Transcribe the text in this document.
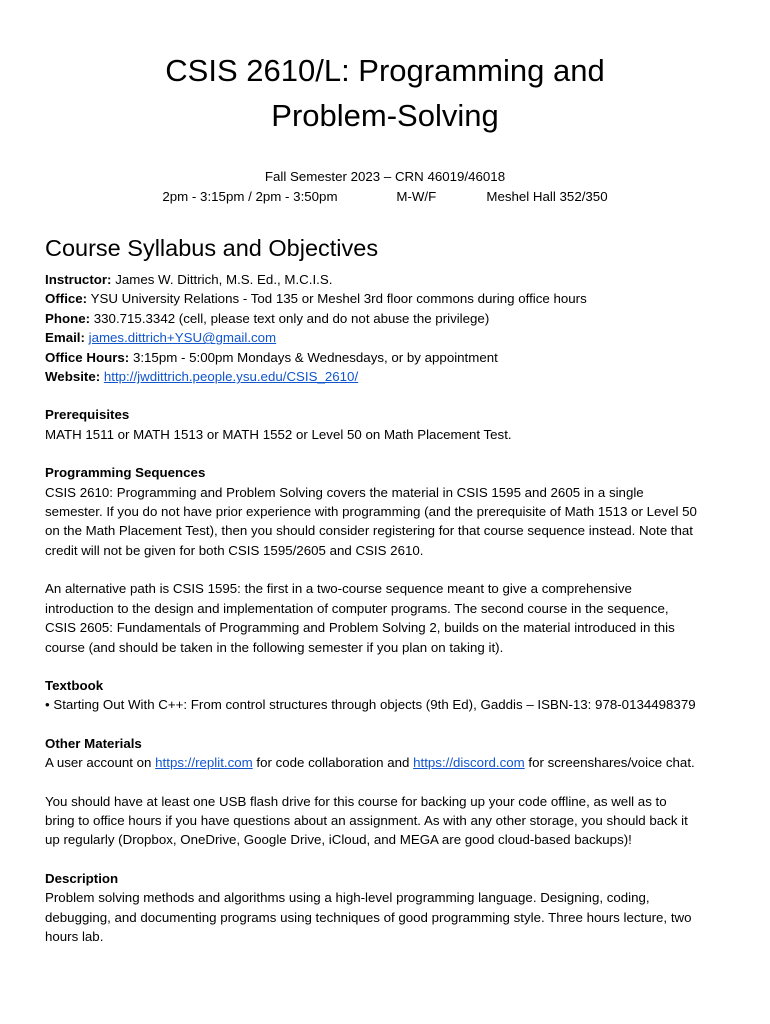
CSIS 2610/L: Programming and
Problem-Solving
Fall Semester 2023 – CRN 46019/46018
2pm - 3:15pm / 2pm - 3:50pm	M-W/F	Meshel Hall 352/350
Course Syllabus and Objectives

Instructor: James W. Dittrich, M.S. Ed., M.C.I.S.

Office: YSU University Relations - Tod 135 or Meshel 3rd floor commons during office hours

Phone: 330.715.3342 (cell, please text only and do not abuse the privilege)

Email: james.dittrich+YSU@gmail.com

Office Hours: 3:15pm - 5:00pm Mondays & Wednesdays, or by appointment

Website: http://jwdittrich.people.ysu.edu/CSIS_2610/

Prerequisites

MATH 1511 or MATH 1513 or MATH 1552 or Level 50 on Math Placement Test.

Programming Sequences

CSIS 2610: Programming and Problem Solving covers the material in CSIS 1595 and 2605 in a single
semester. If you do not have prior experience with programming (and the prerequisite of Math 1513 or Level 50
on the Math Placement Test), then you should consider registering for that course sequence instead. Note that
credit will not be given for both CSIS 1595/2605 and CSIS 2610.

An alternative path is CSIS 1595: the first in a two-course sequence meant to give a comprehensive
introduction to the design and implementation of computer programs. The second course in the sequence,
CSIS 2605: Fundamentals of Programming and Problem Solving 2, builds on the material introduced in this
course (and should be taken in the following semester if you plan on taking it).

Textbook

• Starting Out With C++: From control structures through objects (9th Ed), Gaddis – ISBN-13: 978-0134498379

Other Materials

A user account on https://replit.com for code collaboration and https://discord.com for screenshares/voice chat.

You should have at least one USB flash drive for this course for backing up your code offline, as well as to
bring to office hours if you have questions about an assignment. As with any other storage, you should back it
up regularly (Dropbox, OneDrive, Google Drive, iCloud, and MEGA are good cloud-based backups)!

Description

Problem solving methods and algorithms using a high-level programming language. Designing, coding,
debugging, and documenting programs using techniques of good programming style. Three hours lecture, two
hours lab.
